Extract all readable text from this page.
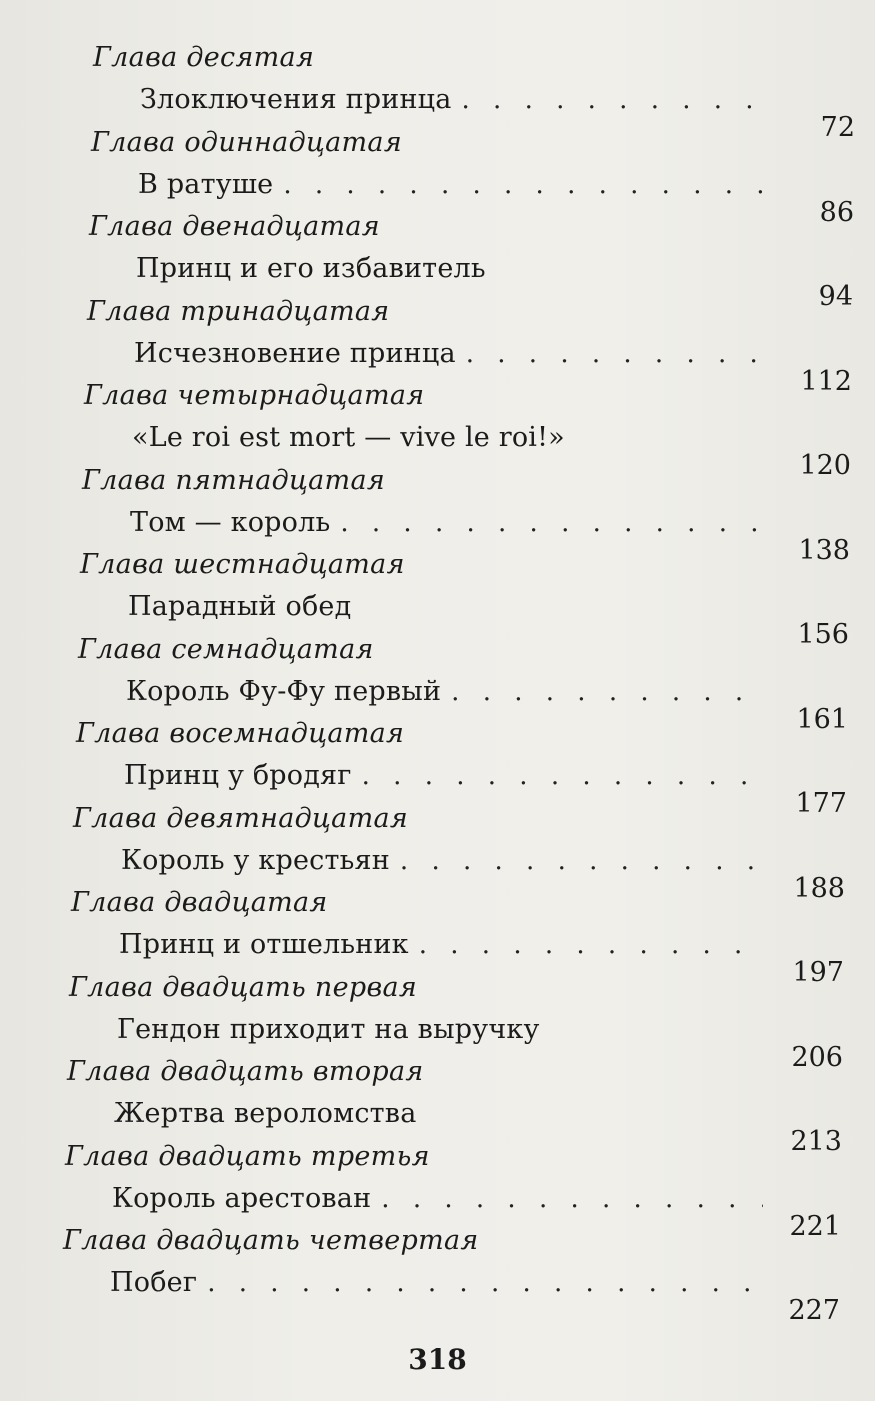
Глава десятая
Злоключения принца
. . .
72
Глава одиннадцатая
В ратуше
. . .
86
Глава двенадцатая
Принц и его избавитель
94
Глава тринадцатая
Исчезновение принца
. . .
112
Глава четырнадцатая
«Le roi est mort — vive le roi!»
120
Глава пятнадцатая
Том — король
. . .
138
Глава шестнадцатая
Парадный обед
156
Глава семнадцатая
Король Фу-Фу первый
. . .
161
Глава восемнадцатая
Принц у бродяг
. . .
177
Глава девятнадцатая
Король у крестьян
. . .
188
Глава двадцатая
Принц и отшельник
. . .
197
Глава двадцать первая
Гендон приходит на выручку
206
Глава двадцать вторая
Жертва вероломства
213
Глава двадцать третья
Король арестован
. . .
221
Глава двадцать четвертая
Побег
. . .
227
318
